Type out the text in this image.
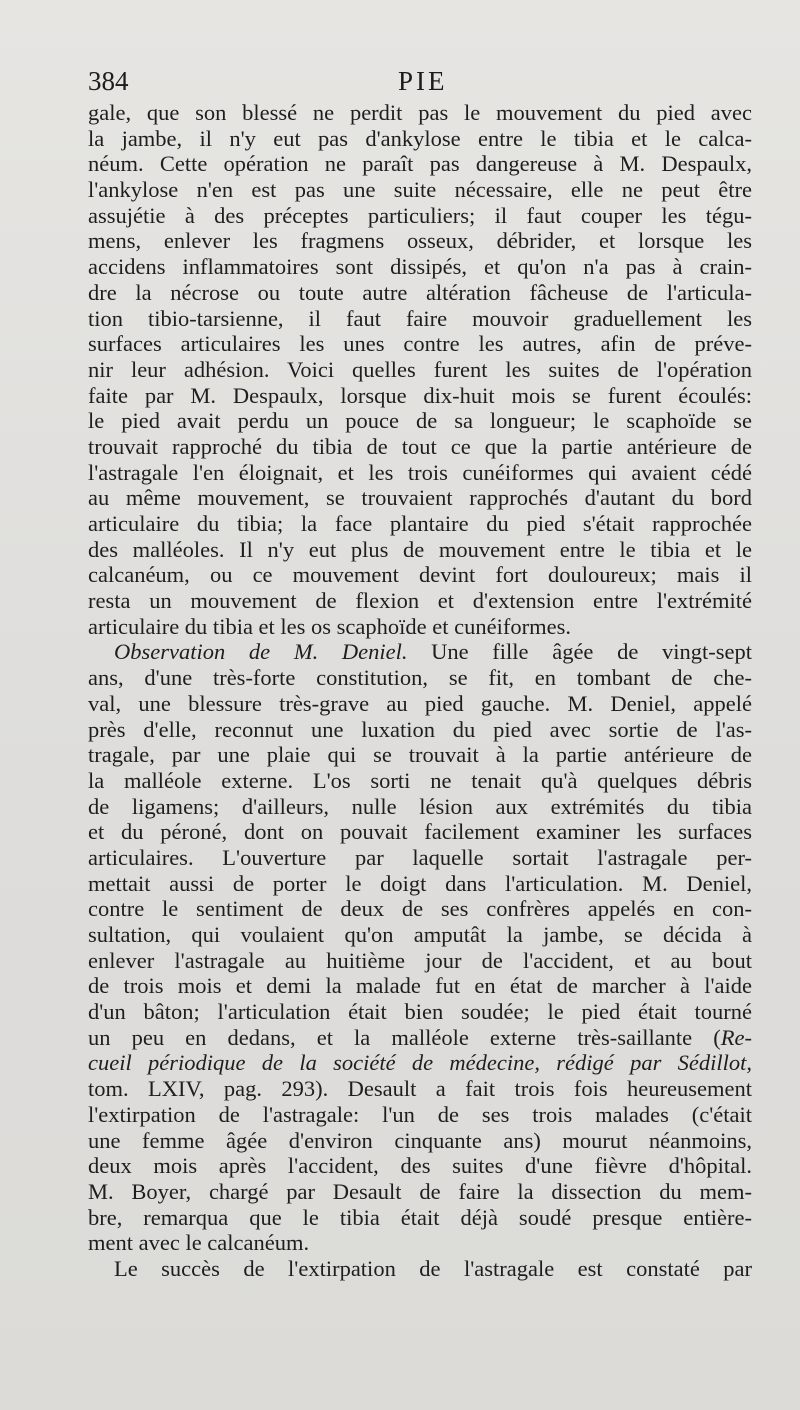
384	PIE
gale, que son blessé ne perdit pas le mouvement du pied avec
la jambe, il n'y eut pas d'ankylose entre le tibia et le calca-
néum. Cette opération ne paraît pas dangereuse à M. Despaulx,
l'ankylose n'en est pas une suite nécessaire, elle ne peut être
assujétie à des préceptes particuliers; il faut couper les tégu-
mens, enlever les fragmens osseux, débrider, et lorsque les
accidens inflammatoires sont dissipés, et qu'on n'a pas à crain-
dre la nécrose ou toute autre altération fâcheuse de l'articula-
tion tibio-tarsienne, il faut faire mouvoir graduellement les
surfaces articulaires les unes contre les autres, afin de préve-
nir leur adhésion. Voici quelles furent les suites de l'opération
faite par M. Despaulx, lorsque dix-huit mois se furent écoulés:
le pied avait perdu un pouce de sa longueur; le scaphoïde se
trouvait rapproché du tibia de tout ce que la partie antérieure de
l'astragale l'en éloignait, et les trois cunéiformes qui avaient cédé
au même mouvement, se trouvaient rapprochés d'autant du bord
articulaire du tibia; la face plantaire du pied s'était rapprochée
des malléoles. Il n'y eut plus de mouvement entre le tibia et le
calcanéum, ou ce mouvement devint fort douloureux; mais il
resta un mouvement de flexion et d'extension entre l'extrémité
articulaire du tibia et les os scaphoïde et cunéiformes.
Observation de M. Deniel. Une fille âgée de vingt-sept
ans, d'une très-forte constitution, se fit, en tombant de che-
val, une blessure très-grave au pied gauche. M. Deniel, appelé
près d'elle, reconnut une luxation du pied avec sortie de l'as-
tragale, par une plaie qui se trouvait à la partie antérieure de
la malléole externe. L'os sorti ne tenait qu'à quelques débris
de ligamens; d'ailleurs, nulle lésion aux extrémités du tibia
et du péroné, dont on pouvait facilement examiner les surfaces
articulaires. L'ouverture par laquelle sortait l'astragale per-
mettait aussi de porter le doigt dans l'articulation. M. Deniel,
contre le sentiment de deux de ses confrères appelés en con-
sultation, qui voulaient qu'on amputât la jambe, se décida à
enlever l'astragale au huitième jour de l'accident, et au bout
de trois mois et demi la malade fut en état de marcher à l'aide
d'un bâton; l'articulation était bien soudée; le pied était tourné
un peu en dedans, et la malléole externe très-saillante (Re-
cueil périodique de la société de médecine, rédigé par Sédillot,
tom. LXIV, pag. 293). Desault a fait trois fois heureusement
l'extirpation de l'astragale: l'un de ses trois malades (c'était
une femme âgée d'environ cinquante ans) mourut néanmoins,
deux mois après l'accident, des suites d'une fièvre d'hôpital.
M. Boyer, chargé par Desault de faire la dissection du mem-
bre, remarqua que le tibia était déjà soudé presque entière-
ment avec le calcanéum.
Le succès de l'extirpation de l'astragale est constaté par
